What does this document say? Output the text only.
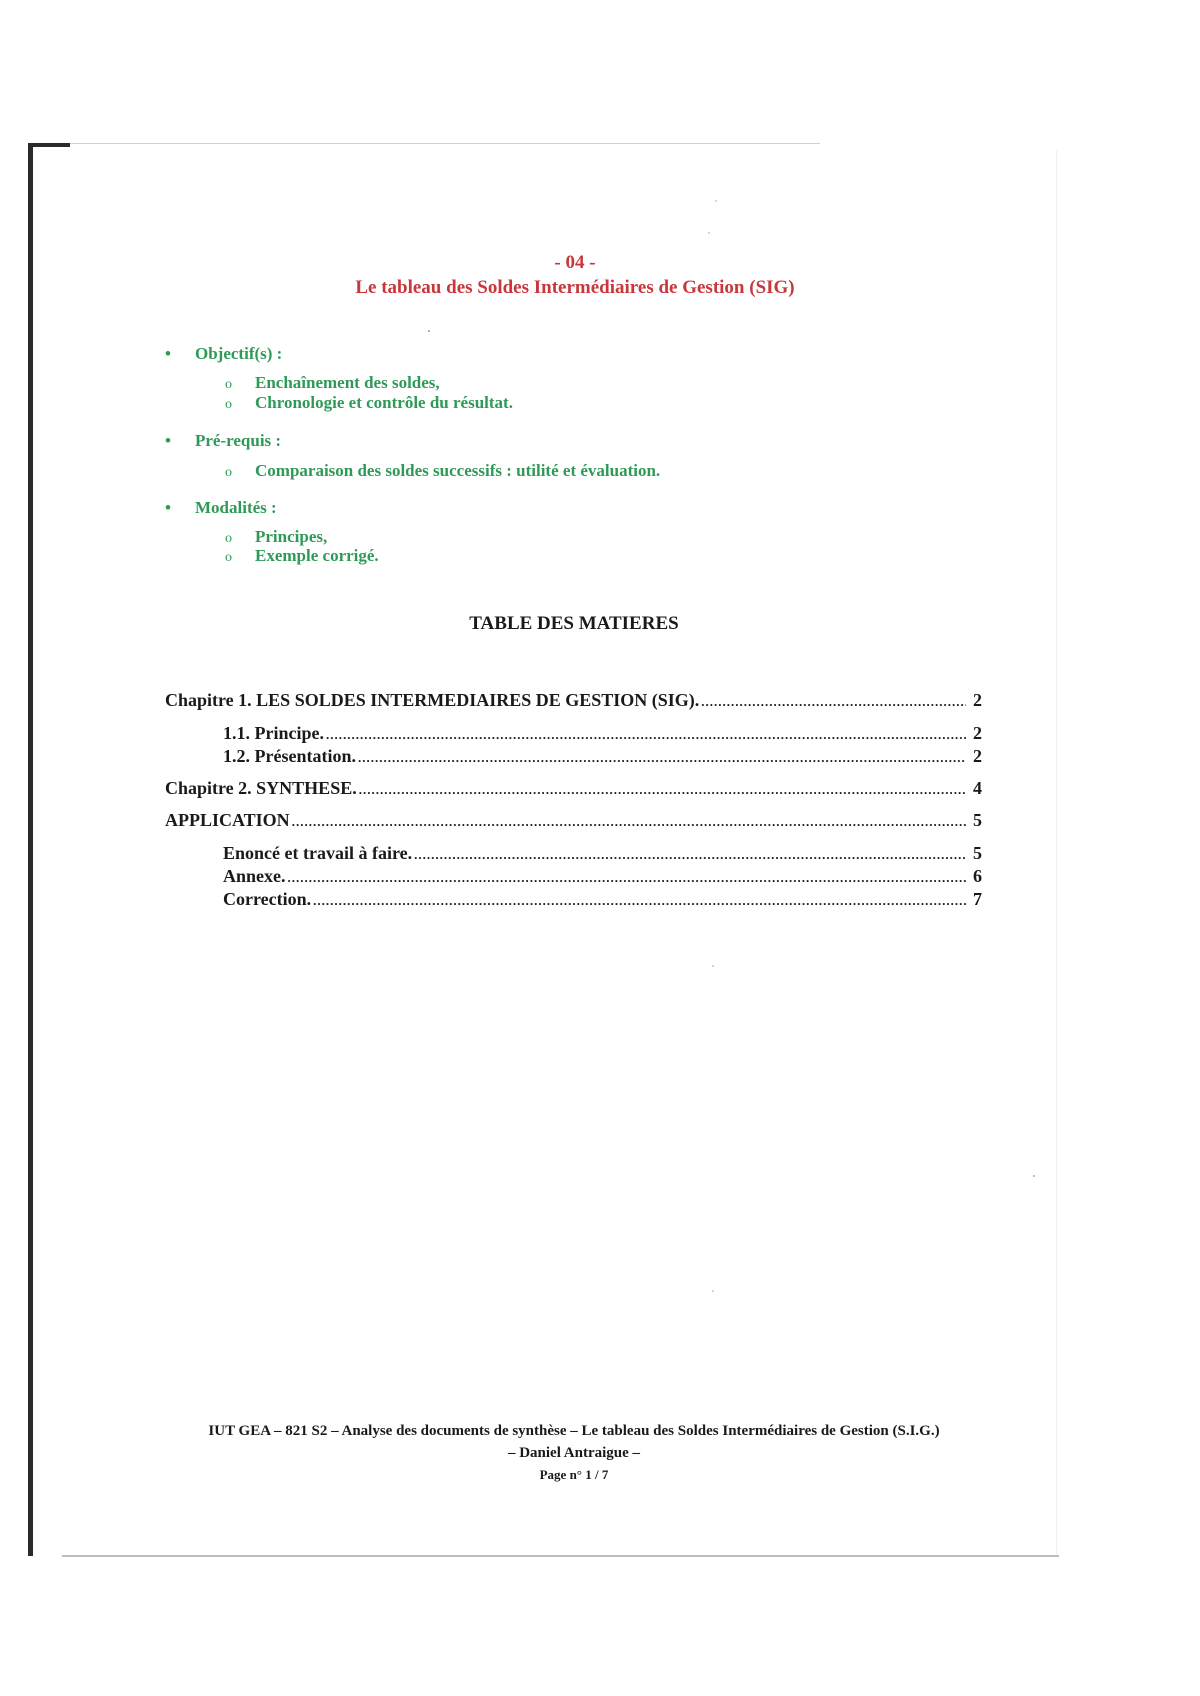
- 04 -
Le tableau des Soldes Intermédiaires de Gestion (SIG)
• Objectif(s) :
o Enchaînement des soldes,
o Chronologie et contrôle du résultat.
• Pré-requis :
o Comparaison des soldes successifs : utilité et évaluation.
• Modalités :
o Principes,
o Exemple corrigé.
TABLE DES MATIERES
Chapitre 1. LES SOLDES INTERMEDIAIRES DE GESTION (SIG). .....	2
1.1. Principe. .....	2
1.2. Présentation. .....	2
Chapitre 2. SYNTHESE. .....	4
APPLICATION .....	5
Enoncé et travail à faire. .....	5
Annexe. .....	6
Correction. .....	7
IUT GEA – 821 S2 – Analyse des documents de synthèse – Le tableau des Soldes Intermédiaires de Gestion (S.I.G.)
– Daniel Antraigue –
Page n° 1 / 7
